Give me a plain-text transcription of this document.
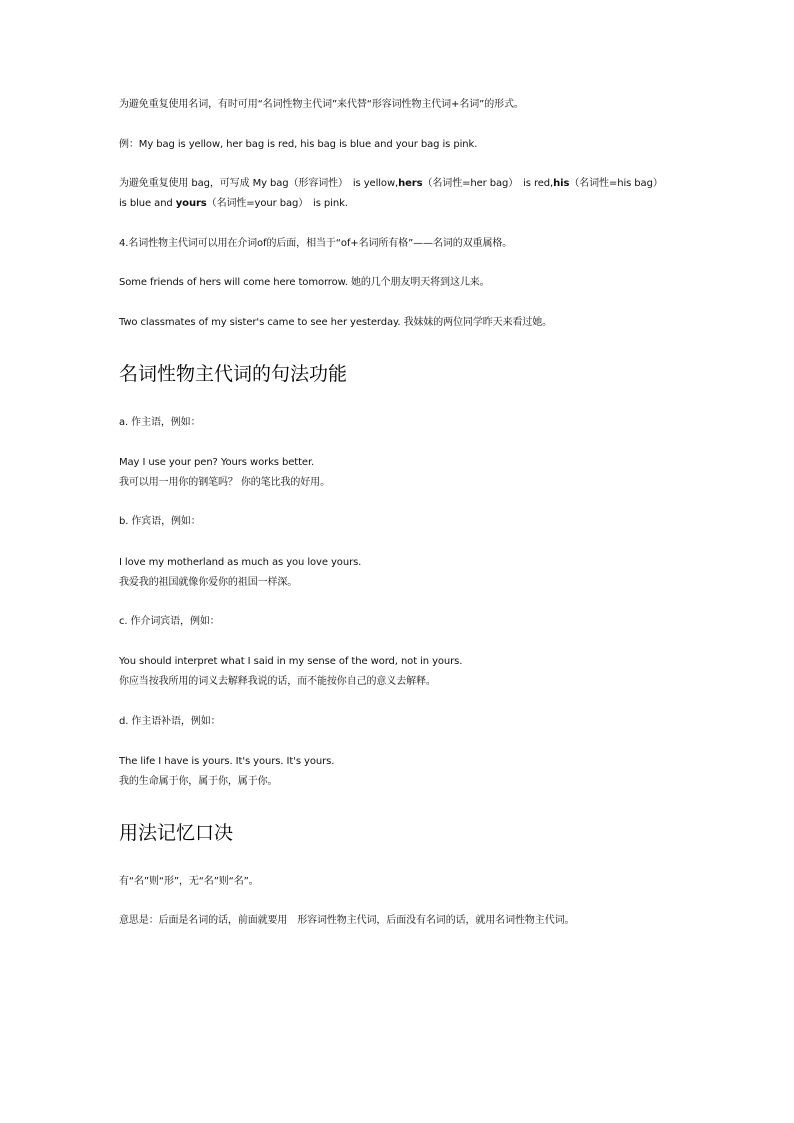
为避免重复使用名词，有时可用“名词性物主代词”来代替“形容词性物主代词+名词”的形式。
例：My bag is yellow, her bag is red, his bag is blue and your bag is pink.
为避免重复使用 bag，可写成 My bag（形容词性）　is yellow,hers（名词性=her bag）　is red,his（名词性=his bag）
is blue and yours（名词性=your bag）　is pink.
4.名词性物主代词可以用在介词of的后面，相当于“of+名词所有格”——名词的双重属格。
Some friends of hers will come here tomorrow. 她的几个朋友明天将到这儿来。
Two classmates of my sister's came to see her yesterday. 我妹妹的两位同学昨天来看过她。
名词性物主代词的句法功能
a. 作主语，例如：
May I use your pen? Yours works better.
我可以用一用你的钢笔吗？ 你的笔比我的好用。
b. 作宾语，例如：
I love my motherland as much as you love yours.
我爱我的祖国就像你爱你的祖国一样深。
c. 作介词宾语，例如：
You should interpret what I said in my sense of the word, not in yours.
你应当按我所用的词义去解释我说的话，而不能按你自己的意义去解释。
d. 作主语补语，例如：
The life I have is yours. It's yours. It's yours.
我的生命属于你，属于你，属于你。
用法记忆口决
有“名”则“形”，无“名”则“名”。
意思是：后面是名词的话，前面就要用　形容词性物主代词，后面没有名词的话，就用名词性物主代词。
